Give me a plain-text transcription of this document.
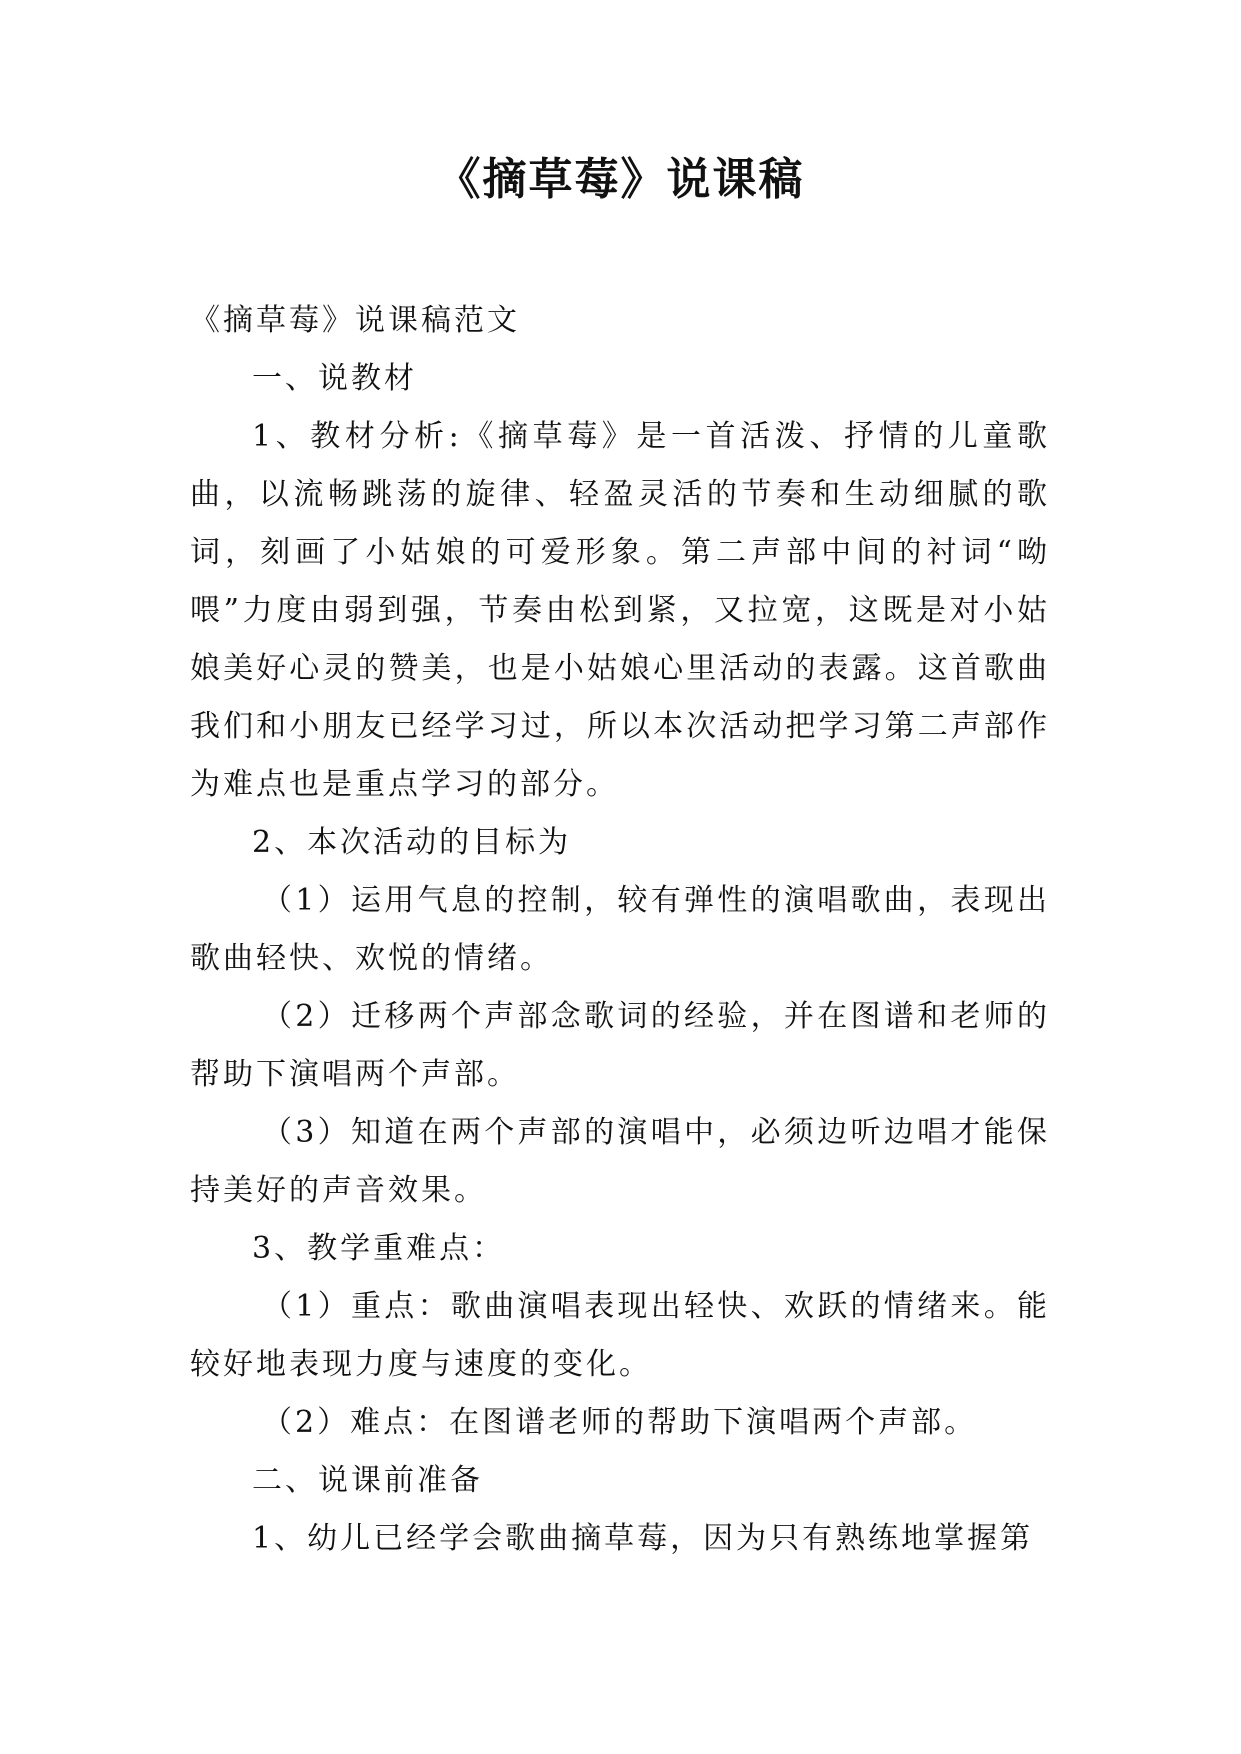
《摘草莓》说课稿

《摘草莓》说课稿范文

一、说教材

1、教材分析:《摘草莓》是一首活泼、抒情的儿童歌曲，以流畅跳荡的旋律、轻盈灵活的节奏和生动细腻的歌词，刻画了小姑娘的可爱形象。第二声部中间的衬词“呦喂”力度由弱到强，节奏由松到紧，又拉宽，这既是对小姑娘美好心灵的赞美，也是小姑娘心里活动的表露。这首歌曲我们和小朋友已经学习过，所以本次活动把学习第二声部作为难点也是重点学习的部分。

2、本次活动的目标为

（1）运用气息的控制，较有弹性的演唱歌曲，表现出歌曲轻快、欢悦的情绪。

（2）迁移两个声部念歌词的经验，并在图谱和老师的帮助下演唱两个声部。

（3）知道在两个声部的演唱中，必须边听边唱才能保持美好的声音效果。

3、教学重难点：

（1）重点：歌曲演唱表现出轻快、欢跃的情绪来。能较好地表现力度与速度的变化。

（2）难点：在图谱老师的帮助下演唱两个声部。

二、说课前准备

1、幼儿已经学会歌曲摘草莓，因为只有熟练地掌握第
